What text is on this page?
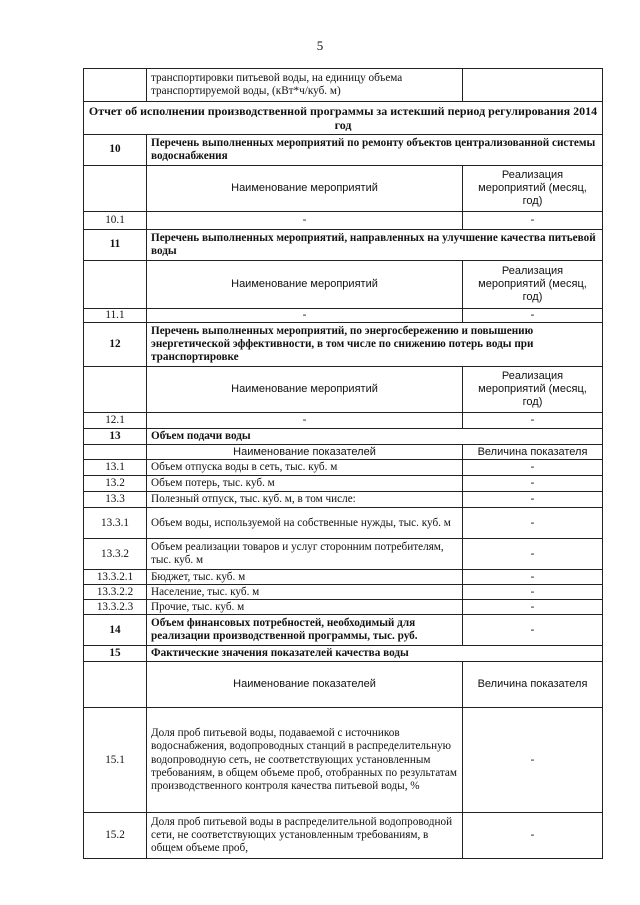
5
	транспортировки питьевой воды, на единицу объема транспортируемой воды, (кВт*ч/куб. м)	
Отчет об исполнении производственной программы за истекший период регулирования 2014 год		
10	Перечень выполненных мероприятий по ремонту объектов централизованной системы водоснабжения	
	Наименование мероприятий	Реализация мероприятий (месяц, год)
10.1	-	-
11	Перечень выполненных мероприятий, направленных на улучшение качества питьевой воды	
	Наименование мероприятий	Реализация мероприятий (месяц, год)
11.1	-	-
12	Перечень выполненных мероприятий, по энергосбережению и повышению энергетической эффективности, в том числе по снижению потерь воды при транспортировке	
	Наименование мероприятий	Реализация мероприятий (месяц, год)
12.1	-	-
13	Объем подачи воды	
	Наименование показателей	Величина показателя
13.1	Объем отпуска воды в сеть, тыс. куб. м	-
13.2	Объем потерь, тыс. куб. м	-
13.3	Полезный отпуск, тыс. куб. м, в том числе:	-
13.3.1	Объем воды, используемой на собственные нужды, тыс. куб. м	-
13.3.2	Объем реализации товаров и услуг сторонним потребителям, тыс. куб. м	-
13.3.2.1	Бюджет, тыс. куб. м	-
13.3.2.2	Население, тыс. куб. м	-
13.3.2.3	Прочие, тыс. куб. м	-
14	Объем финансовых потребностей, необходимый для реализации производственной программы, тыс. руб.	-
15	Фактические значения показателей качества воды	
	Наименование показателей	Величина показателя
15.1	Доля проб питьевой воды, подаваемой с источников водоснабжения, водопроводных станций в распределительную водопроводную сеть, не соответствующих установленным требованиям, в общем объеме проб, отобранных по результатам производственного контроля качества питьевой воды, %	-
15.2	Доля проб питьевой воды в распределительной водопроводной сети, не соответствующих установленным требованиям, в общем объеме проб,	-
